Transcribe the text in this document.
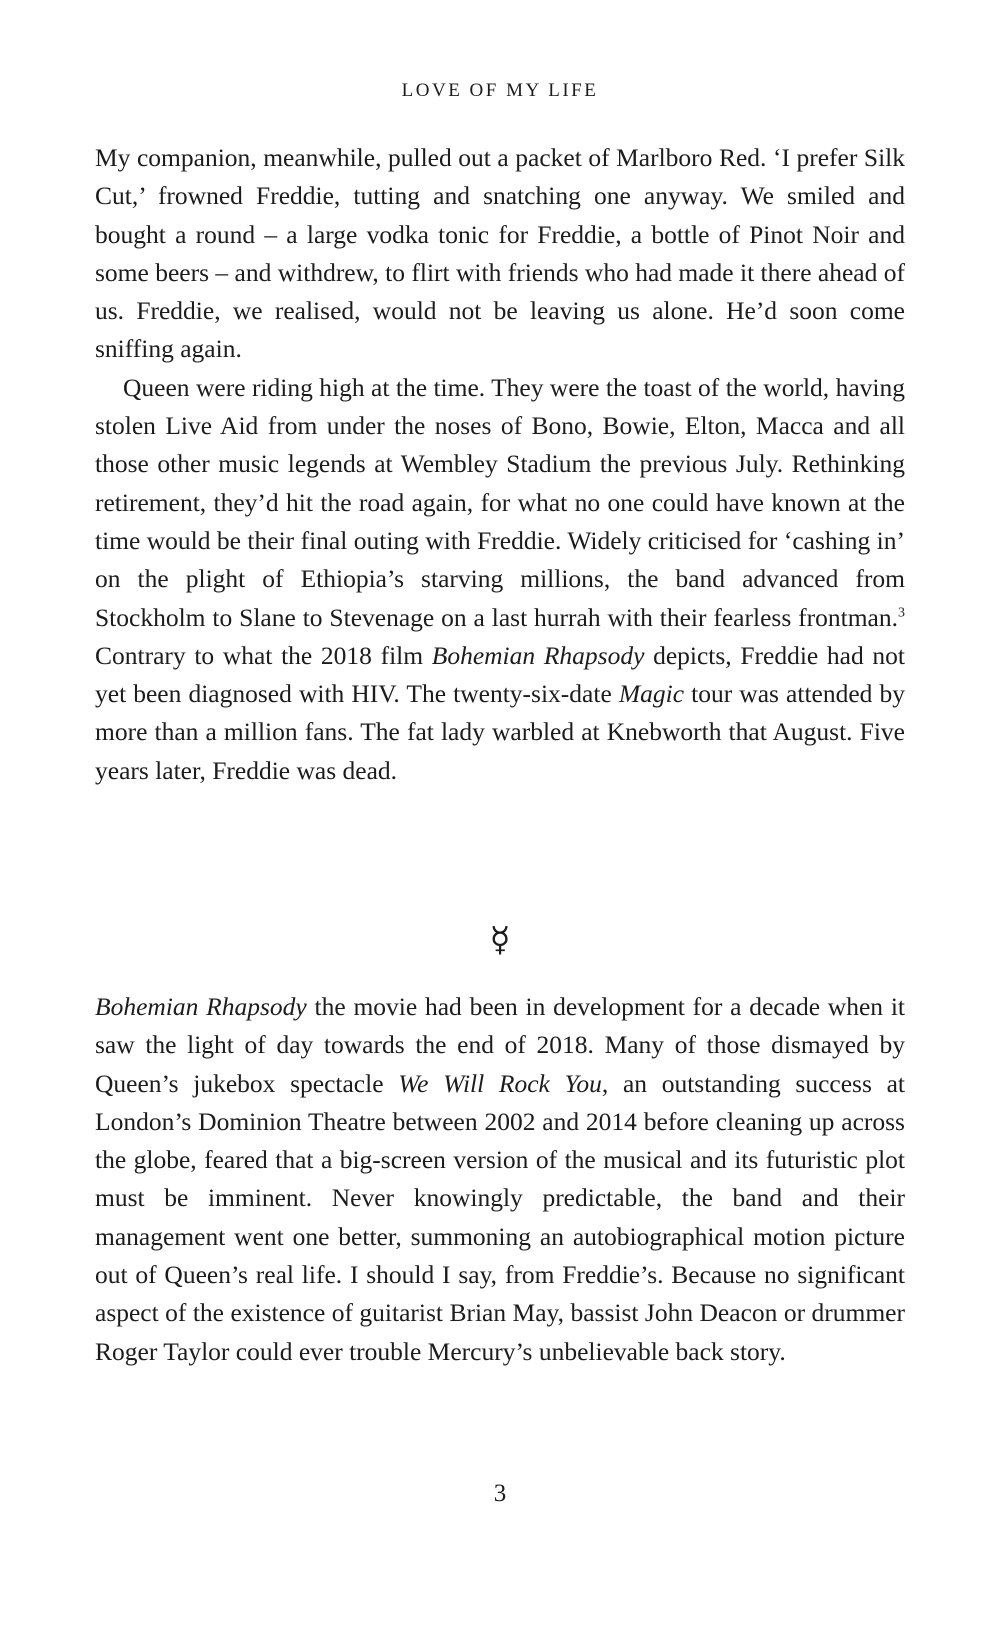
LOVE OF MY LIFE

My companion, meanwhile, pulled out a packet of Marlboro Red. ‘I prefer Silk Cut,’ frowned Freddie, tutting and snatching one anyway. We smiled and bought a round – a large vodka tonic for Freddie, a bottle of Pinot Noir and some beers – and withdrew, to flirt with friends who had made it there ahead of us. Freddie, we realised, would not be leaving us alone. He’d soon come sniffing again.

Queen were riding high at the time. They were the toast of the world, having stolen Live Aid from under the noses of Bono, Bowie, Elton, Macca and all those other music legends at Wembley Stadium the previous July. Rethinking retirement, they’d hit the road again, for what no one could have known at the time would be their final outing with Freddie. Widely criticised for ‘cashing in’ on the plight of Ethiopia’s starving millions, the band advanced from Stockholm to Slane to Stevenage on a last hurrah with their fearless frontman.$^3$ Contrary to what the 2018 film Bohemian Rhapsody depicts, Freddie had not yet been diagnosed with HIV. The twenty-six-date Magic tour was attended by more than a million fans. The fat lady warbled at Knebworth that August. Five years later, Freddie was dead.

☿

Bohemian Rhapsody the movie had been in development for a decade when it saw the light of day towards the end of 2018. Many of those dismayed by Queen’s jukebox spectacle We Will Rock You, an outstanding success at London’s Dominion Theatre between 2002 and 2014 before cleaning up across the globe, feared that a big-screen version of the musical and its futuristic plot must be imminent. Never knowingly predictable, the band and their management went one better, summoning an autobiographical motion picture out of Queen’s real life. I should I say, from Freddie’s. Because no significant aspect of the existence of guitarist Brian May, bassist John Deacon or drummer Roger Taylor could ever trouble Mercury’s unbelievable back story.

3
